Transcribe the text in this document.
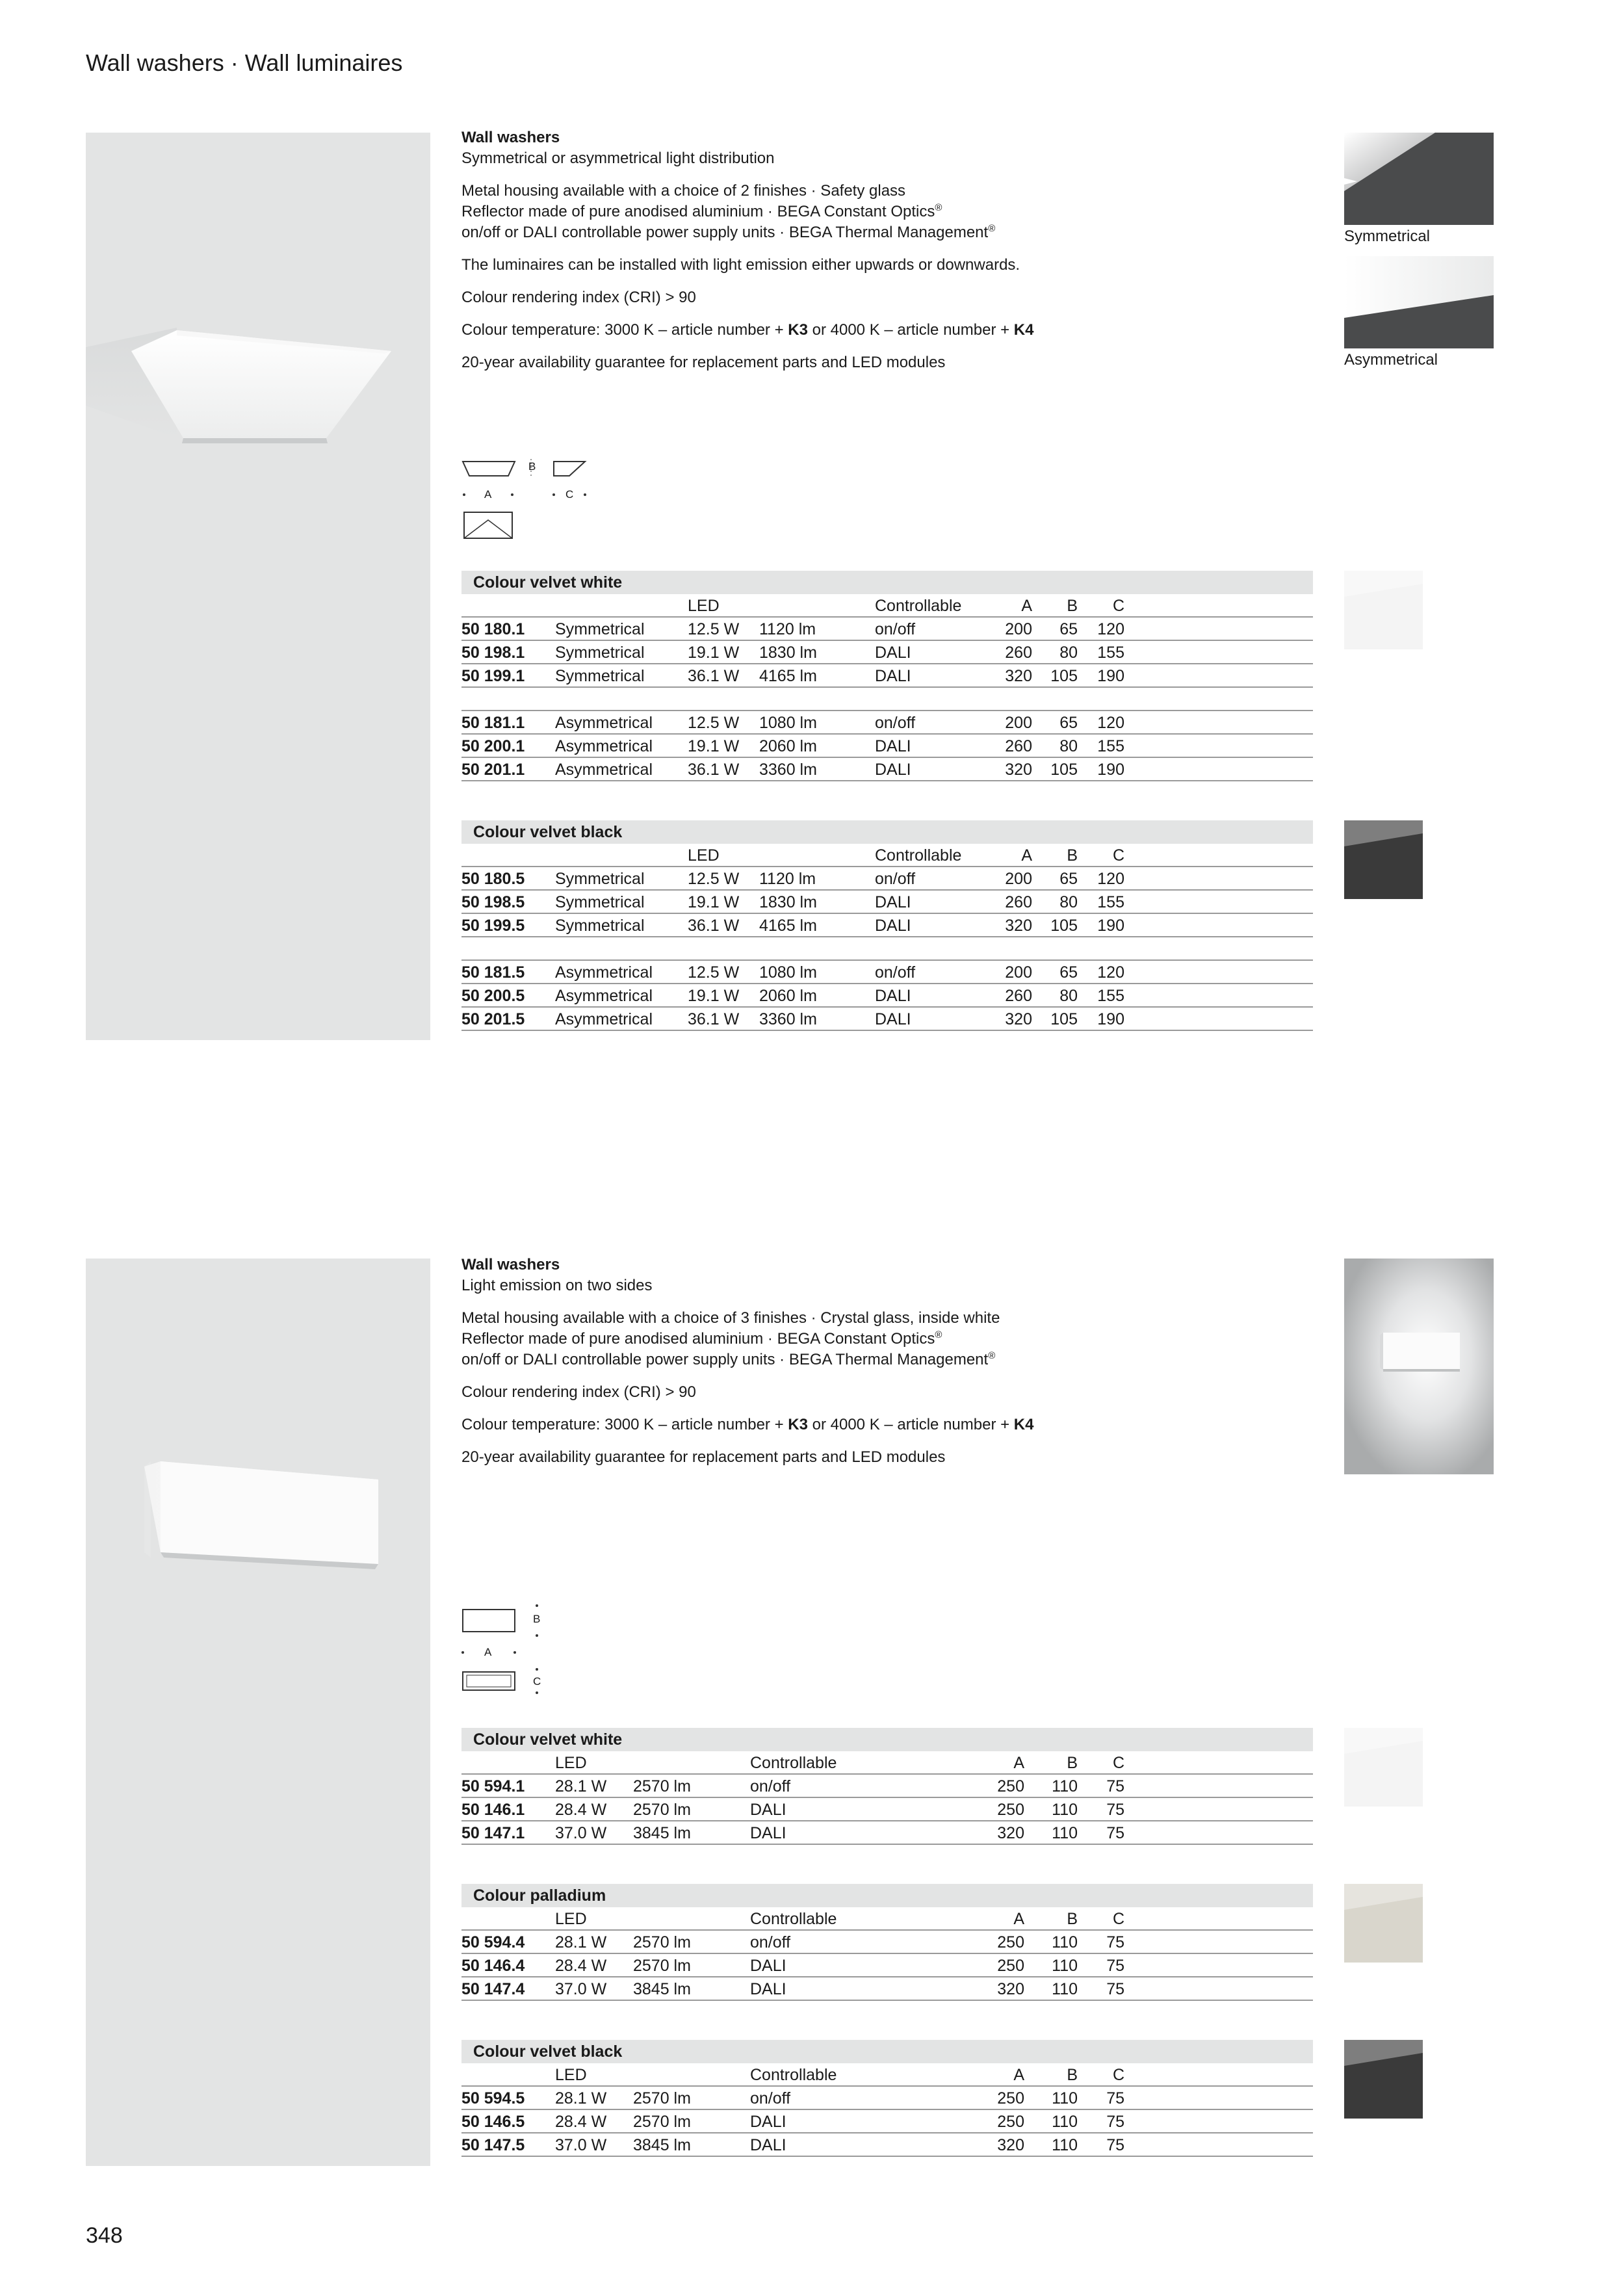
Wall washers · Wall luminaires

Wall washers

Symmetrical or asymmetrical light distribution

Metal housing available with a choice of 2 finishes · Safety glass

Reflector made of pure anodised aluminium · BEGA Constant Optics®

on/off or DALI controllable power supply units · BEGA Thermal Management®

The luminaires can be installed with light emission either upwards or downwards.

Colour rendering index (CRI) > 90

Colour temperature: 3000 K – article number + K3 or 4000 K – article number + K4

20-year availability guarantee for replacement parts and LED modules

Symmetrical
Asymmetrical
A
B
C
Colour velvet white
LED	Controllable	A	B	C
50 180.1 Symmetrical	12.5 W 1120 lm	on/off	200	65	120
50 198.1 Symmetrical	19.1 W 1830 lm	DALI	260	80	155
50 199.1 Symmetrical	36.1 W 4165 lm	DALI	320	105	190
50 181.1 Asymmetrical 12.5 W 1080 lm	on/off	200	65	120
50 200.1 Asymmetrical 19.1 W 2060 lm	DALI	260	80	155
50 201.1 Asymmetrical 36.1 W 3360 lm	DALI	320	105	190
Colour velvet black
LED	Controllable	A	B	C
50 180.5 Symmetrical	12.5 W 1120 lm	on/off	200	65	120
50 198.5 Symmetrical	19.1 W 1830 lm	DALI	260	80	155
50 199.5 Symmetrical	36.1 W 4165 lm	DALI	320	105	190
50 181.5 Asymmetrical 12.5 W 1080 lm	on/off	200	65	120
50 200.5 Asymmetrical 19.1 W 2060 lm	DALI	260	80	155
50 201.5 Asymmetrical 36.1 W 3360 lm	DALI	320	105	190

Wall washers

Light emission on two sides

Metal housing available with a choice of 3 finishes · Crystal glass, inside white

Reflector made of pure anodised aluminium · BEGA Constant Optics®

on/off or DALI controllable power supply units · BEGA Thermal Management®

Colour rendering index (CRI) > 90

Colour temperature: 3000 K – article number + K3 or 4000 K – article number + K4

20-year availability guarantee for replacement parts and LED modules

A
B
C
Colour velvet white
LED	Controllable	A	B	C
50 594.1 28.1 W 2570 lm	on/off	250	110	75
50 146.1 28.4 W 2570 lm	DALI	250	110	75
50 147.1 37.0 W 3845 lm	DALI	320	110	75
Colour palladium
LED	Controllable	A	B	C
50 594.4 28.1 W 2570 lm	on/off	250	110	75
50 146.4 28.4 W 2570 lm	DALI	250	110	75
50 147.4 37.0 W 3845 lm	DALI	320	110	75
Colour velvet black
LED	Controllable	A	B	C
50 594.5 28.1 W 2570 lm	on/off	250	110	75
50 146.5 28.4 W 2570 lm	DALI	250	110	75
50 147.5 37.0 W 3845 lm	DALI	320	110	75
348
